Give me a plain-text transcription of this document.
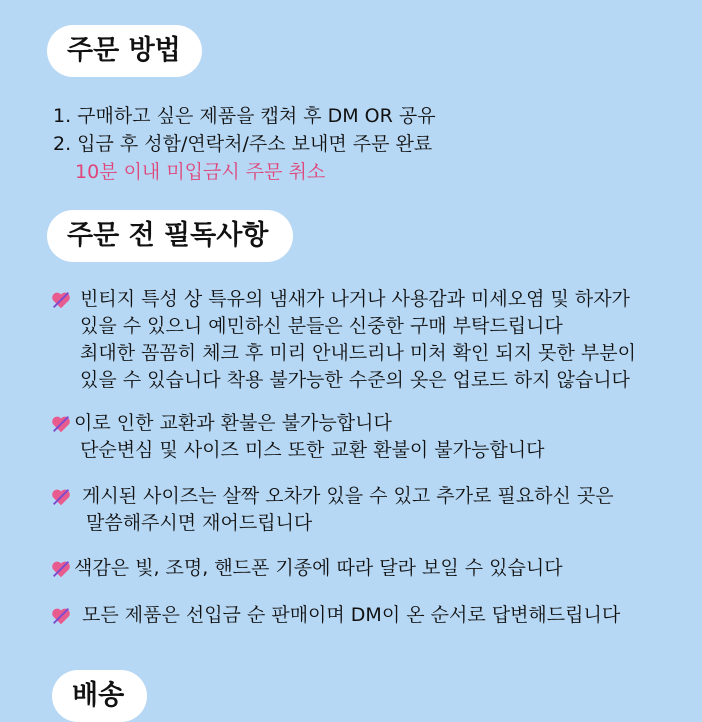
주문 방법
1. 구매하고 싶은 제품을 캡쳐 후 DM OR 공유
2. 입금 후 성함/연락처/주소 보내면 주문 완료
10분 이내 미입금시 주문 취소
주문 전 필독사항
빈티지 특성 상 특유의 냄새가 나거나 사용감과 미세오염 및 하자가
있을 수 있으니 예민하신 분들은 신중한 구매 부탁드립니다
최대한 꼼꼼히 체크 후 미리 안내드리나 미처 확인 되지 못한 부분이
있을 수 있습니다 착용 불가능한 수준의 옷은 업로드 하지 않습니다
이로 인한 교환과 환불은 불가능합니다
단순변심 및 사이즈 미스 또한 교환 환불이 불가능합니다
게시된 사이즈는 살짝 오차가 있을 수 있고 추가로 필요하신 곳은
말씀해주시면 재어드립니다
색감은 빛, 조명, 핸드폰 기종에 따라 달라 보일 수 있습니다
모든 제품은 선입금 순 판매이며 DM이 온 순서로 답변해드립니다
배송
